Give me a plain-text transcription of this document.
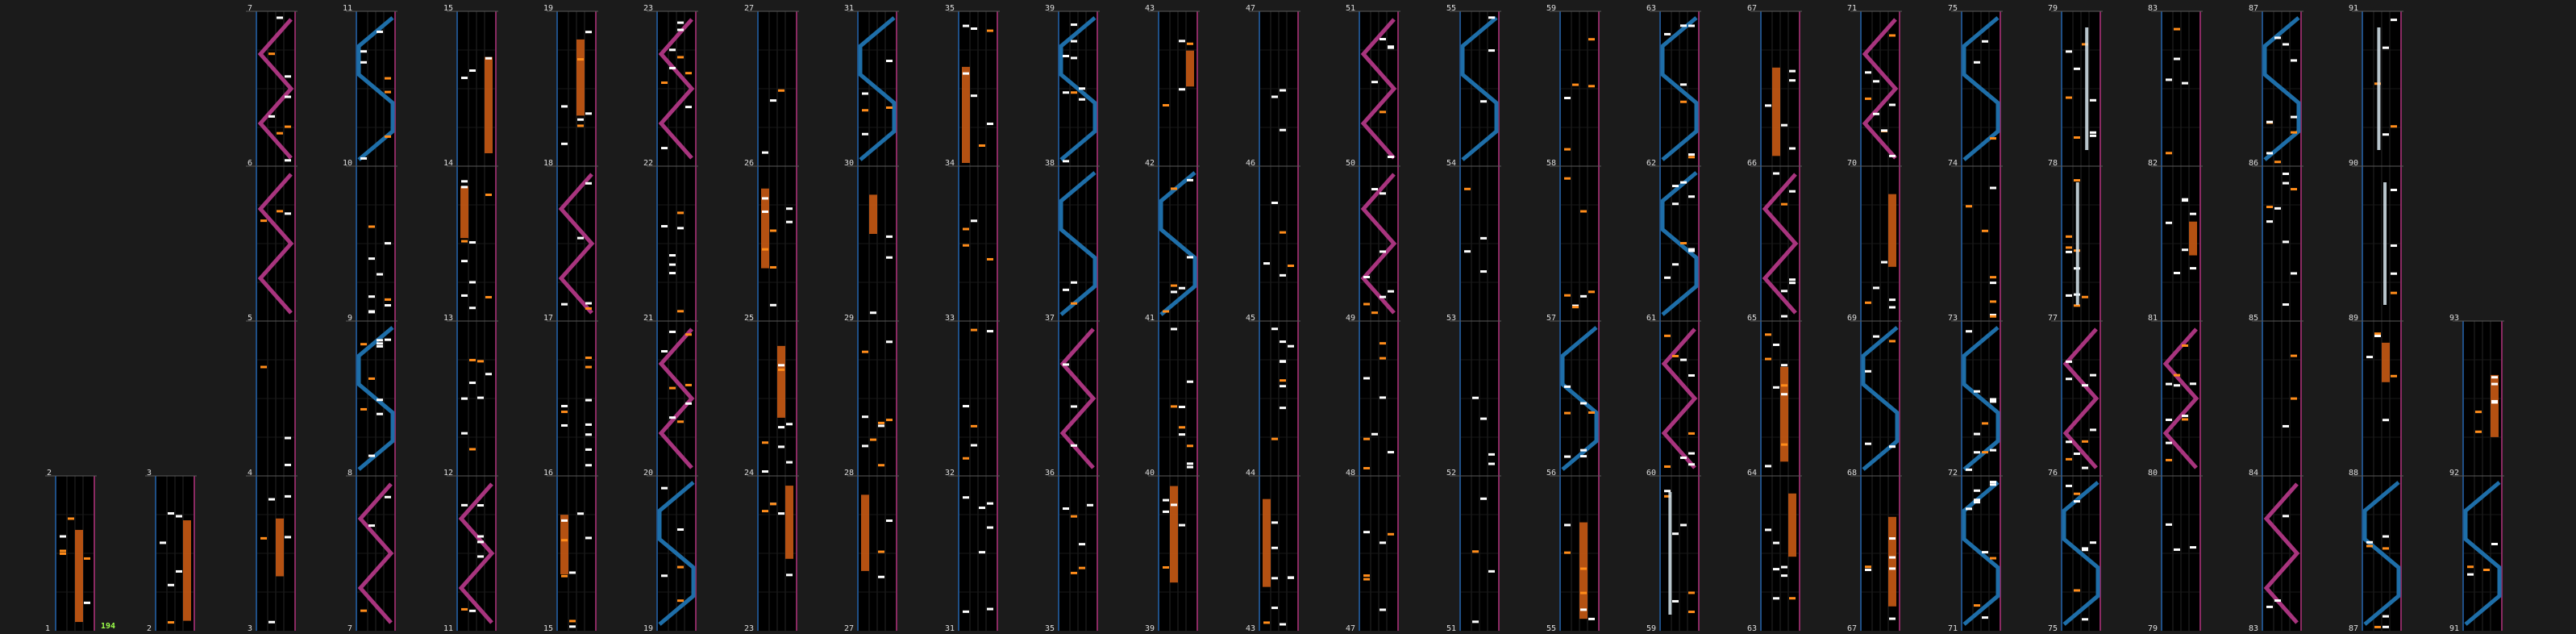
1
2
2
3
3
4
5
6
7
7
8
9
10
11
11
12
13
14
15
15
16
17
18
19
19
20
21
22
23
23
24
25
26
27
27
28
29
30
31
31
32
33
34
35
35
36
37
38
39
39
40
41
42
43
43
44
45
46
47
47
48
49
50
51
51
52
53
54
55
55
56
57
58
59
59
60
61
62
63
63
64
65
66
67
67
68
69
70
71
71
72
73
74
75
75
76
77
78
79
79
80
81
82
83
83
84
85
86
87
87
88
89
90
91
91
92
93
194
